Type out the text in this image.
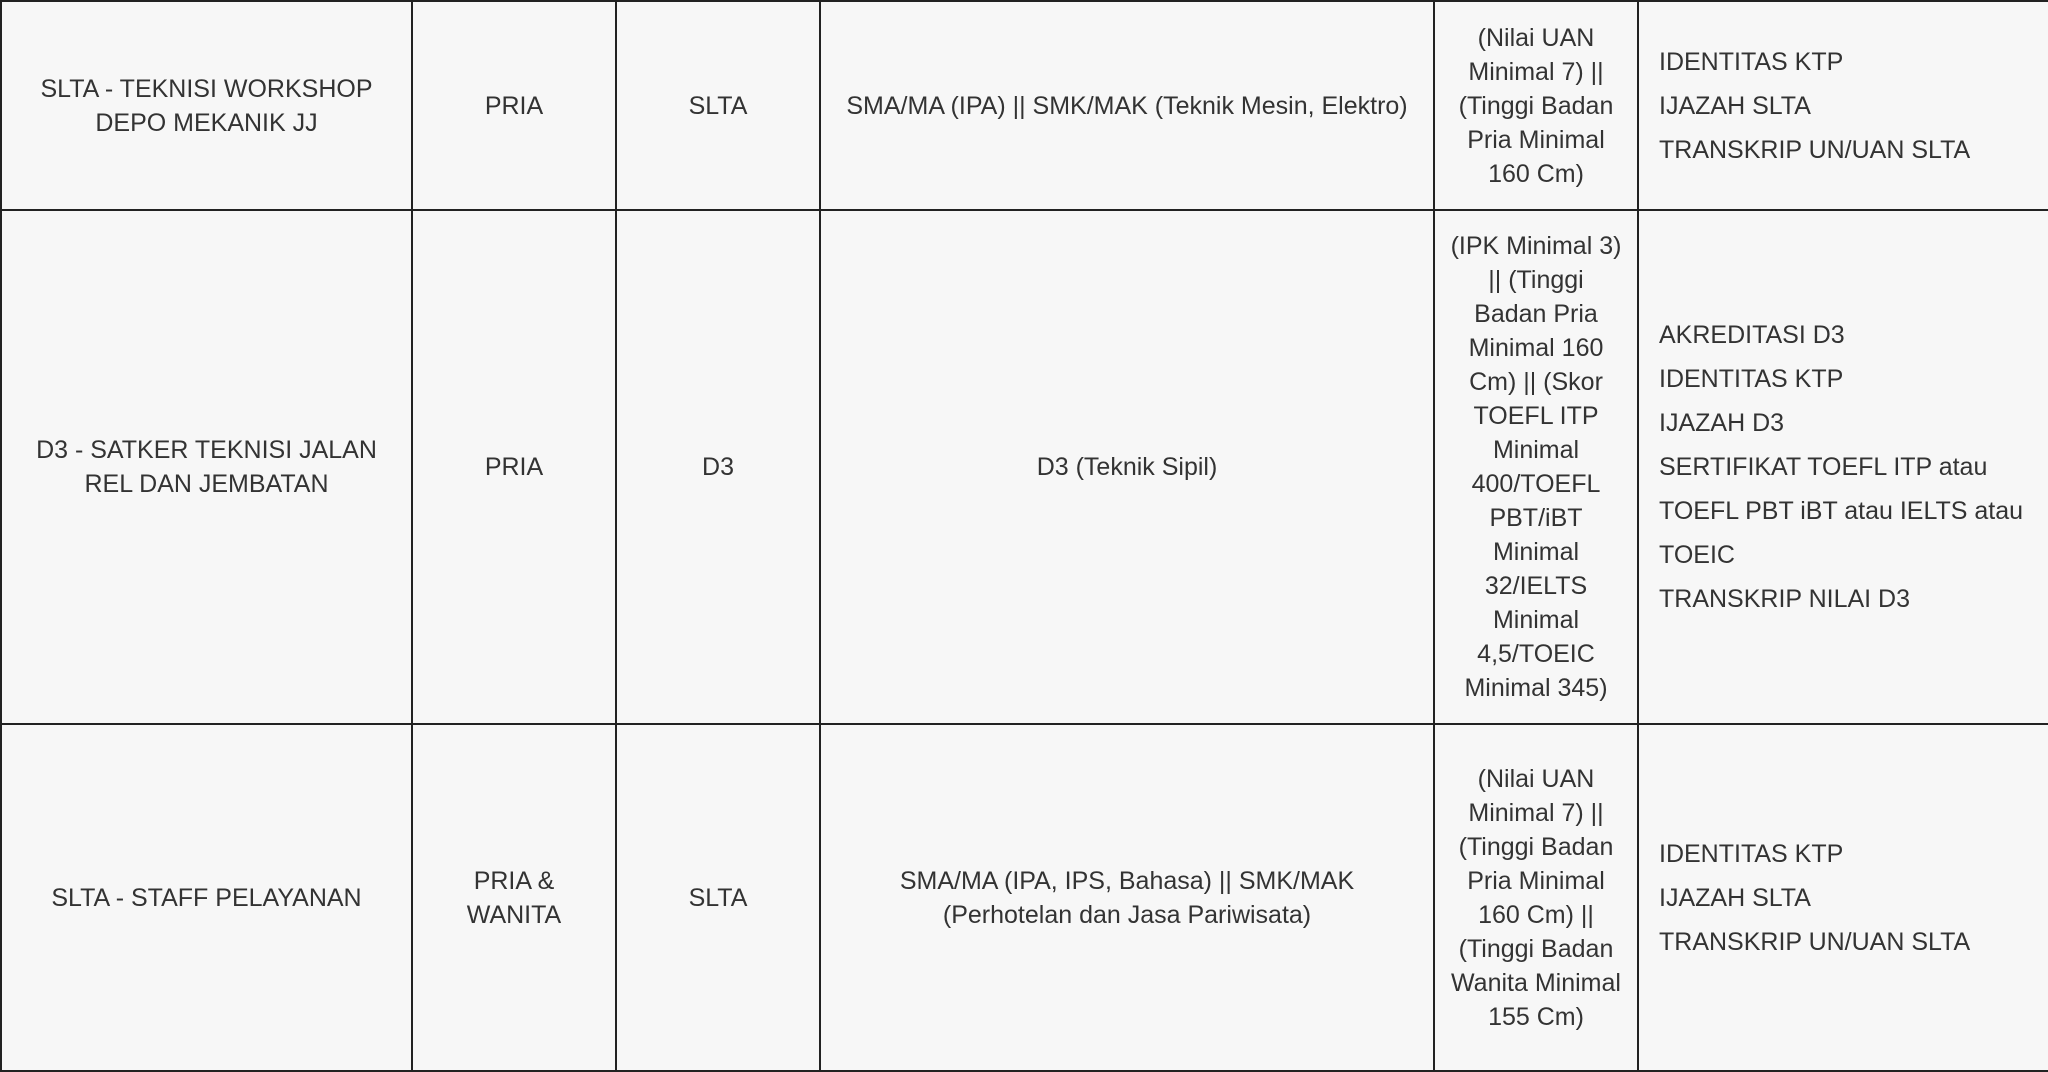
SLTA - TEKNISI WORKSHOP DEPO MEKANIK JJ	PRIA	SLTA	SMA/MA (IPA) || SMK/MAK (Teknik Mesin, Elektro)	(Nilai UAN Minimal 7) || (Tinggi Badan Pria Minimal 160 Cm)	IDENTITAS KTP
IJAZAH SLTA
TRANSKRIP UN/UAN SLTA

D3 - SATKER TEKNISI JALAN REL DAN JEMBATAN	PRIA	D3	D3 (Teknik Sipil)	(IPK Minimal 3) || (Tinggi Badan Pria Minimal 160 Cm) || (Skor TOEFL ITP Minimal 400/TOEFL PBT/iBT Minimal 32/IELTS Minimal 4,5/TOEIC Minimal 345)	AKREDITASI D3
IDENTITAS KTP
IJAZAH D3
SERTIFIKAT TOEFL ITP atau TOEFL PBT iBT atau IELTS atau TOEIC
TRANSKRIP NILAI D3

SLTA - STAFF PELAYANAN	PRIA & WANITA	SLTA	SMA/MA (IPA, IPS, Bahasa) || SMK/MAK (Perhotelan dan Jasa Pariwisata)	(Nilai UAN Minimal 7) || (Tinggi Badan Pria Minimal 160 Cm) || (Tinggi Badan Wanita Minimal 155 Cm)	IDENTITAS KTP
IJAZAH SLTA
TRANSKRIP UN/UAN SLTA
